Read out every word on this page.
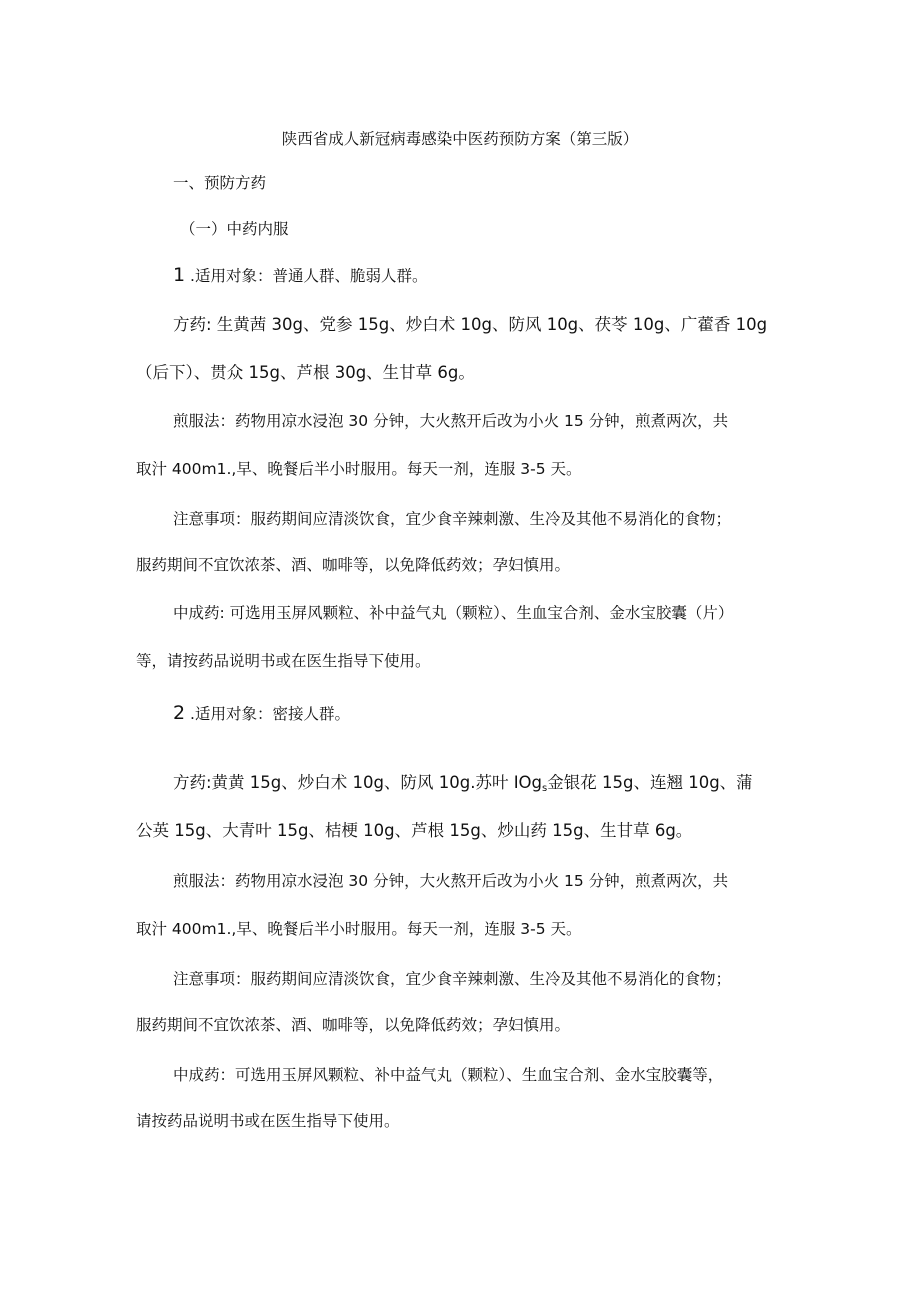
陕西省成人新冠病毒感染中医药预防方案（第三版）
一、预防方药
（一）中药内服
1 .适用对象：普通人群、脆弱人群。
方药: 生黄茜 30g、党参 15g、炒白术 10g、防风 10g、茯苓 10g、广藿香 10g
（后下）、贯众 15g、芦根 30g、生甘草 6g。
煎服法：药物用凉水浸泡 30 分钟，大火熬开后改为小火 15 分钟，煎煮两次，共
取汁 400m1.,早、晚餐后半小时服用。每天一剂，连服 3-5 天。
注意事项：服药期间应清淡饮食，宜少食辛辣刺激、生冷及其他不易消化的食物；
服药期间不宜饮浓茶、酒、咖啡等，以免降低药效；孕妇慎用。
中成药: 可选用玉屏风颗粒、补中益气丸（颗粒）、生血宝合剂、金水宝胶囊（片）
等，请按药品说明书或在医生指导下使用。
2 .适用对象：密接人群。
方药:黄黄 15g、炒白术 10g、防风 10g.苏叶 IOg$_s$金银花 15g、连翘 10g、蒲
公英 15g、大青叶 15g、桔梗 10g、芦根 15g、炒山药 15g、生甘草 6g。
煎服法：药物用凉水浸泡 30 分钟，大火熬开后改为小火 15 分钟，煎煮两次，共
取汁 400m1.,早、晚餐后半小时服用。每天一剂，连服 3-5 天。
注意事项：服药期间应清淡饮食，宜少食辛辣刺激、生冷及其他不易消化的食物；
服药期间不宜饮浓茶、酒、咖啡等，以免降低药效；孕妇慎用。
中成药：可选用玉屏风颗粒、补中益气丸（颗粒）、生血宝合剂、金水宝胶囊等，
请按药品说明书或在医生指导下使用。
